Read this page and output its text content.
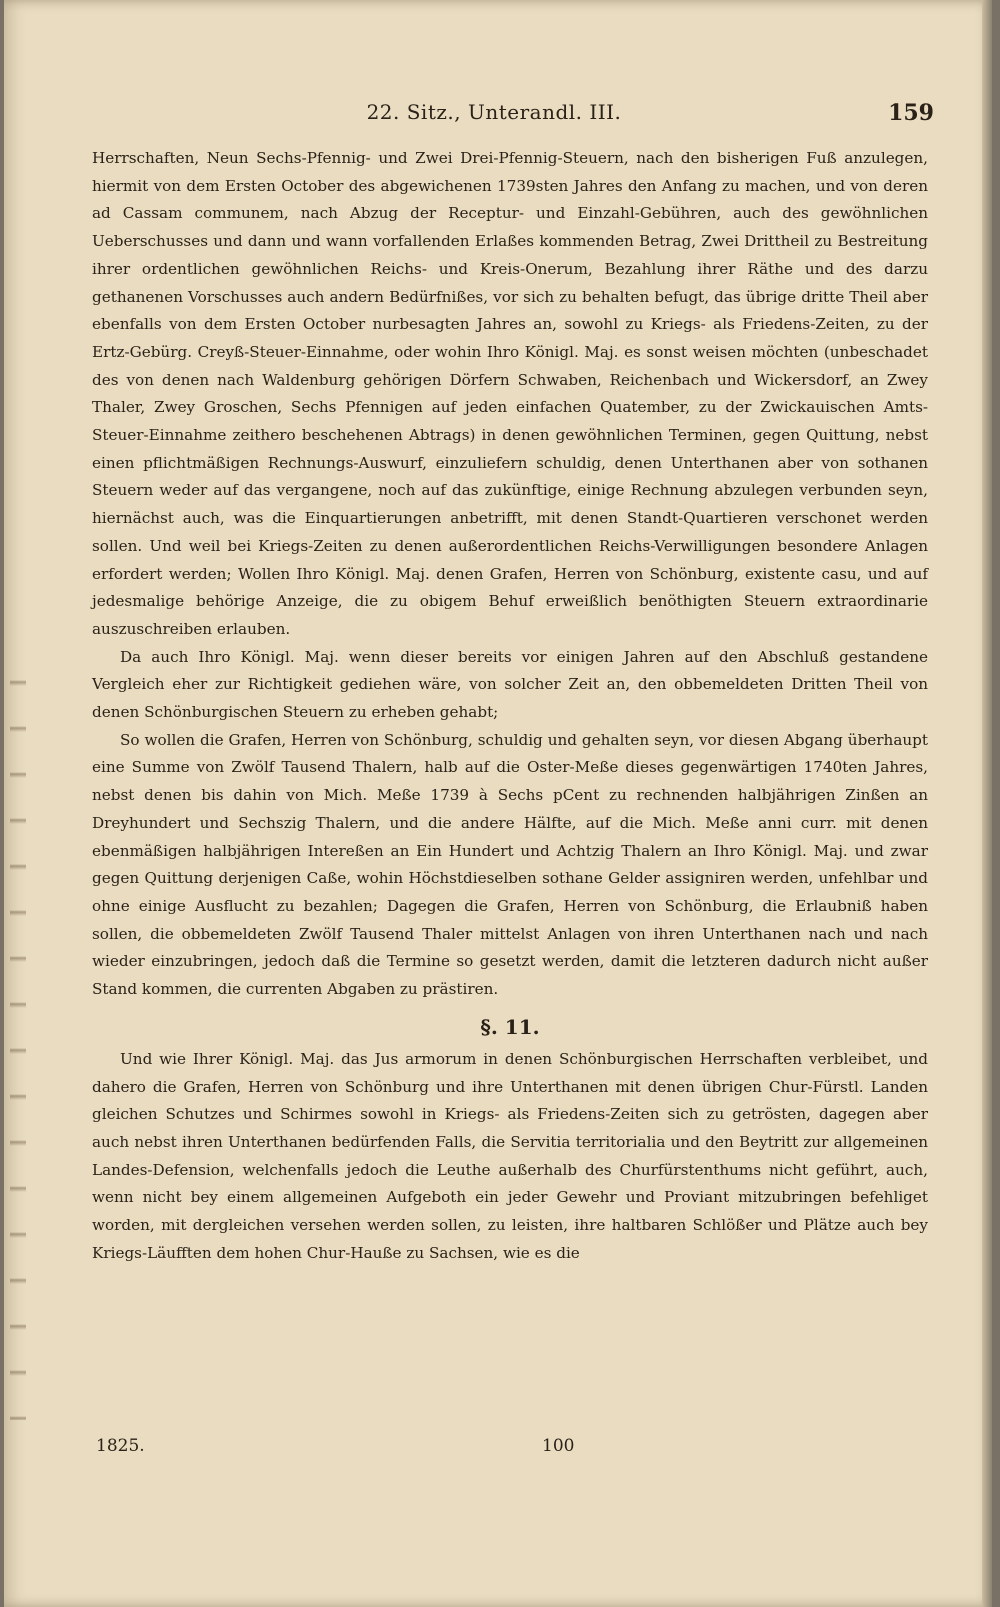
22. Sitz., Unterandl. III.	159

Herrschaften, Neun Sechs-Pfennig- und Zwei Drei-Pfennig-Steuern, nach den bisherigen Fuß anzulegen, hiermit von dem Ersten October des abgewichenen 1739sten Jahres den Anfang zu machen, und von deren ad Cassam communem, nach Abzug der Receptur- und Einzahl-Gebühren, auch des gewöhnlichen Ueberschusses und dann und wann vorfallenden Erlaßes kommenden Betrag, Zwei Drittheil zu Bestreitung ihrer ordentlichen gewöhnlichen Reichs- und Kreis-Onerum, Bezahlung ihrer Räthe und des darzu gethanenen Vorschusses auch andern Bedürfnißes, vor sich zu behalten befugt, das übrige dritte Theil aber ebenfalls von dem Ersten October nurbesagten Jahres an, sowohl zu Kriegs- als Friedens-Zeiten, zu der Ertz-Gebürg. Creyß-Steuer-Einnahme, oder wohin Ihro Königl. Maj. es sonst weisen möchten (unbeschadet des von denen nach Waldenburg gehörigen Dörfern Schwaben, Reichenbach und Wickersdorf, an Zwey Thaler, Zwey Groschen, Sechs Pfennigen auf jeden einfachen Quatember, zu der Zwickauischen Amts-Steuer-Einnahme zeithero beschehenen Abtrags) in denen gewöhnlichen Terminen, gegen Quittung, nebst einen pflichtmäßigen Rechnungs-Auswurf, einzuliefern schuldig, denen Unterthanen aber von sothanen Steuern weder auf das vergangene, noch auf das zukünftige, einige Rechnung abzulegen verbunden seyn, hiernächst auch, was die Einquartierungen anbetrifft, mit denen Standt-Quartieren verschonet werden sollen. Und weil bei Kriegs-Zeiten zu denen außerordentlichen Reichs-Verwilligungen besondere Anlagen erfordert werden; Wollen Ihro Königl. Maj. denen Grafen, Herren von Schönburg, existente casu, und auf jedesmalige behörige Anzeige, die zu obigem Behuf erweißlich benöthigten Steuern extraordinarie auszuschreiben erlauben.

Da auch Ihro Königl. Maj. wenn dieser bereits vor einigen Jahren auf den Abschluß gestandene Vergleich eher zur Richtigkeit gediehen wäre, von solcher Zeit an, den obbemeldeten Dritten Theil von denen Schönburgischen Steuern zu erheben gehabt;

So wollen die Grafen, Herren von Schönburg, schuldig und gehalten seyn, vor diesen Abgang überhaupt eine Summe von Zwölf Tausend Thalern, halb auf die Oster-Meße dieses gegenwärtigen 1740ten Jahres, nebst denen bis dahin von Mich. Meße 1739 à Sechs pCent zu rechnenden halbjährigen Zinßen an Dreyhundert und Sechszig Thalern, und die andere Hälfte, auf die Mich. Meße anni curr. mit denen ebenmäßigen halbjährigen Intereßen an Ein Hundert und Achtzig Thalern an Ihro Königl. Maj. und zwar gegen Quittung derjenigen Caße, wohin Höchstdieselben sothane Gelder assigniren werden, unfehlbar und ohne einige Ausflucht zu bezahlen; Dagegen die Grafen, Herren von Schönburg, die Erlaubniß haben sollen, die obbemeldeten Zwölf Tausend Thaler mittelst Anlagen von ihren Unterthanen nach und nach wieder einzubringen, jedoch daß die Termine so gesetzt werden, damit die letzteren dadurch nicht außer Stand kommen, die currenten Abgaben zu prästiren.

§. 11.

Und wie Ihrer Königl. Maj. das Jus armorum in denen Schönburgischen Herrschaften verbleibet, und dahero die Grafen, Herren von Schönburg und ihre Unterthanen mit denen übrigen Chur-Fürstl. Landen gleichen Schutzes und Schirmes sowohl in Kriegs- als Friedens-Zeiten sich zu getrösten, dagegen aber auch nebst ihren Unterthanen bedürfenden Falls, die Servitia territorialia und den Beytritt zur allgemeinen Landes-Defension, welchenfalls jedoch die Leuthe außerhalb des Churfürstenthums nicht geführt, auch, wenn nicht bey einem allgemeinen Aufgeboth ein jeder Gewehr und Proviant mitzubringen befehliget worden, mit dergleichen versehen werden sollen, zu leisten, ihre haltbaren Schlößer und Plätze auch bey Kriegs-Läufften dem hohen Chur-Hauße zu Sachsen, wie es die

1825.	100
